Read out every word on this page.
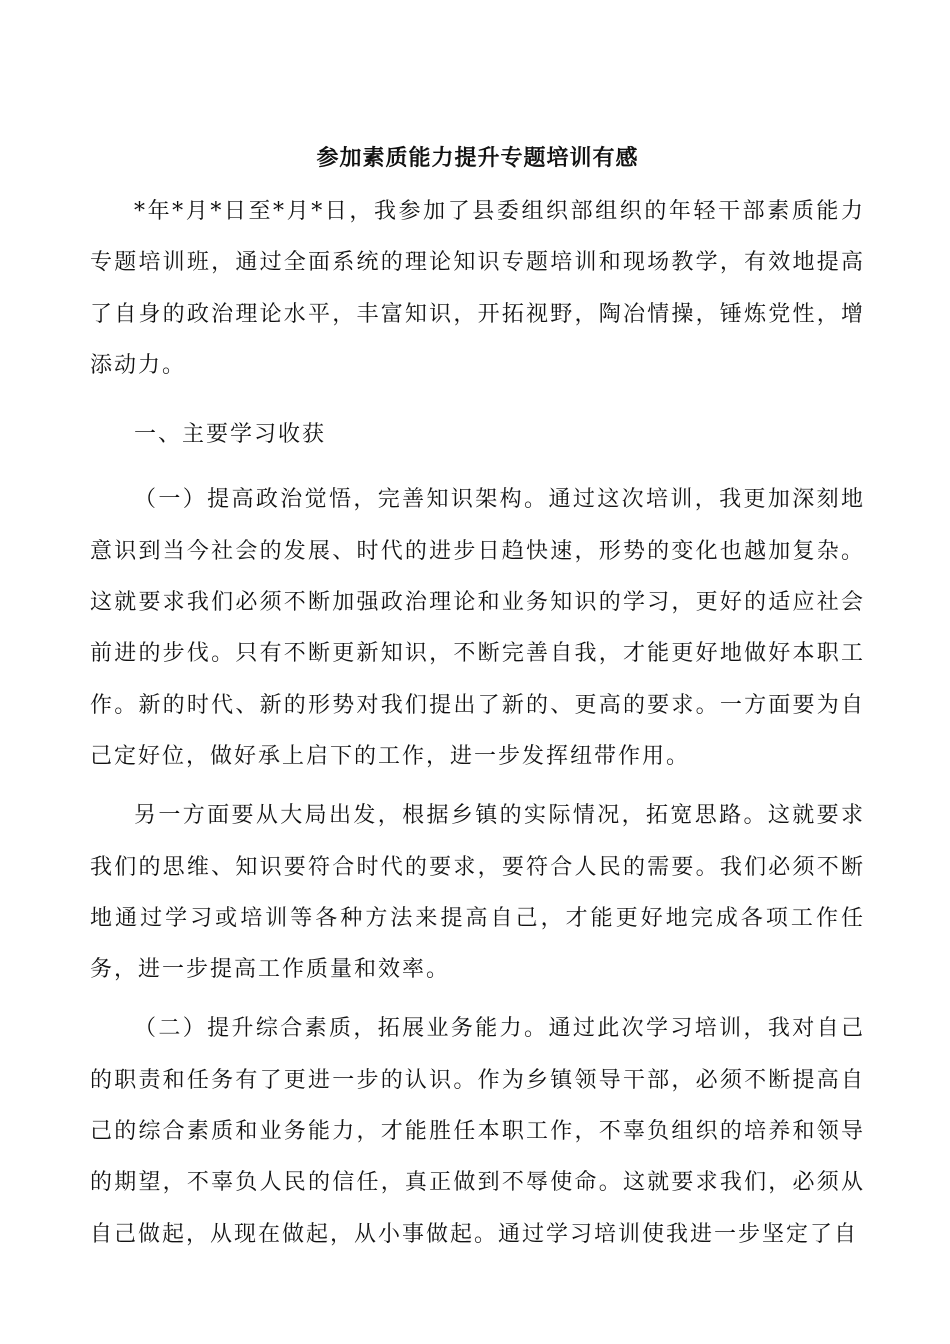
参加素质能力提升专题培训有感

*年*月*日至*月*日，我参加了县委组织部组织的年轻干部素质能力专题培训班，通过全面系统的理论知识专题培训和现场教学，有效地提高了自身的政治理论水平，丰富知识，开拓视野，陶冶情操，锤炼党性，增添动力。

一、主要学习收获

（一）提高政治觉悟，完善知识架构。通过这次培训，我更加深刻地意识到当今社会的发展、时代的进步日趋快速，形势的变化也越加复杂。这就要求我们必须不断加强政治理论和业务知识的学习，更好的适应社会前进的步伐。只有不断更新知识，不断完善自我，才能更好地做好本职工作。新的时代、新的形势对我们提出了新的、更高的要求。一方面要为自己定好位，做好承上启下的工作，进一步发挥纽带作用。

另一方面要从大局出发，根据乡镇的实际情况，拓宽思路。这就要求我们的思维、知识要符合时代的要求，要符合人民的需要。我们必须不断地通过学习或培训等各种方法来提高自己，才能更好地完成各项工作任务，进一步提高工作质量和效率。

（二）提升综合素质，拓展业务能力。通过此次学习培训，我对自己的职责和任务有了更进一步的认识。作为乡镇领导干部，必须不断提高自己的综合素质和业务能力，才能胜任本职工作，不辜负组织的培养和领导的期望，不辜负人民的信任，真正做到不辱使命。这就要求我们，必须从自己做起，从现在做起，从小事做起。通过学习培训使我进一步坚定了自
